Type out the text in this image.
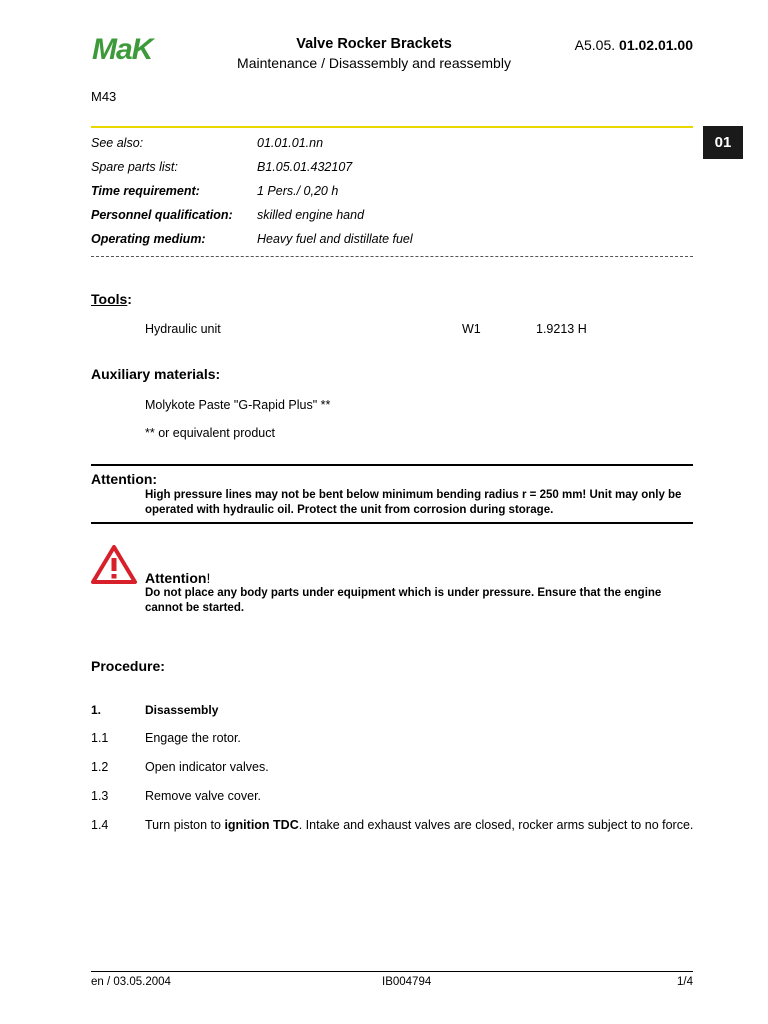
MaK	Valve Rocker Brackets
Maintenance / Disassembly and reassembly
A5.05. 01.02.01.00
M43
01
See also:	01.01.01.nn
Spare parts list:	B1.05.01.432107
Time requirement:	1 Pers./ 0,20 h
Personnel qualification: skilled engine hand
Operating medium:	Heavy fuel and distillate fuel
Tools:
Hydraulic unit	W1	1.9213 H
Auxiliary materials:
Molykote Paste "G-Rapid Plus" **
** or equivalent product
Attention:
High pressure lines may not be bent below minimum bending radius r = 250 mm! Unit may only be operated with hydraulic oil. Protect the unit from corrosion during storage.
Attention!
Do not place any body parts under equipment which is under pressure. Ensure that the engine cannot be started.
Procedure:
1.	Disassembly
1.1	Engage the rotor.
1.2	Open indicator valves.
1.3	Remove valve cover.
1.4	Turn piston to ignition TDC. Intake and exhaust valves are closed, rocker arms subject to no force.
en / 03.05.2004	IB004794	1/4
